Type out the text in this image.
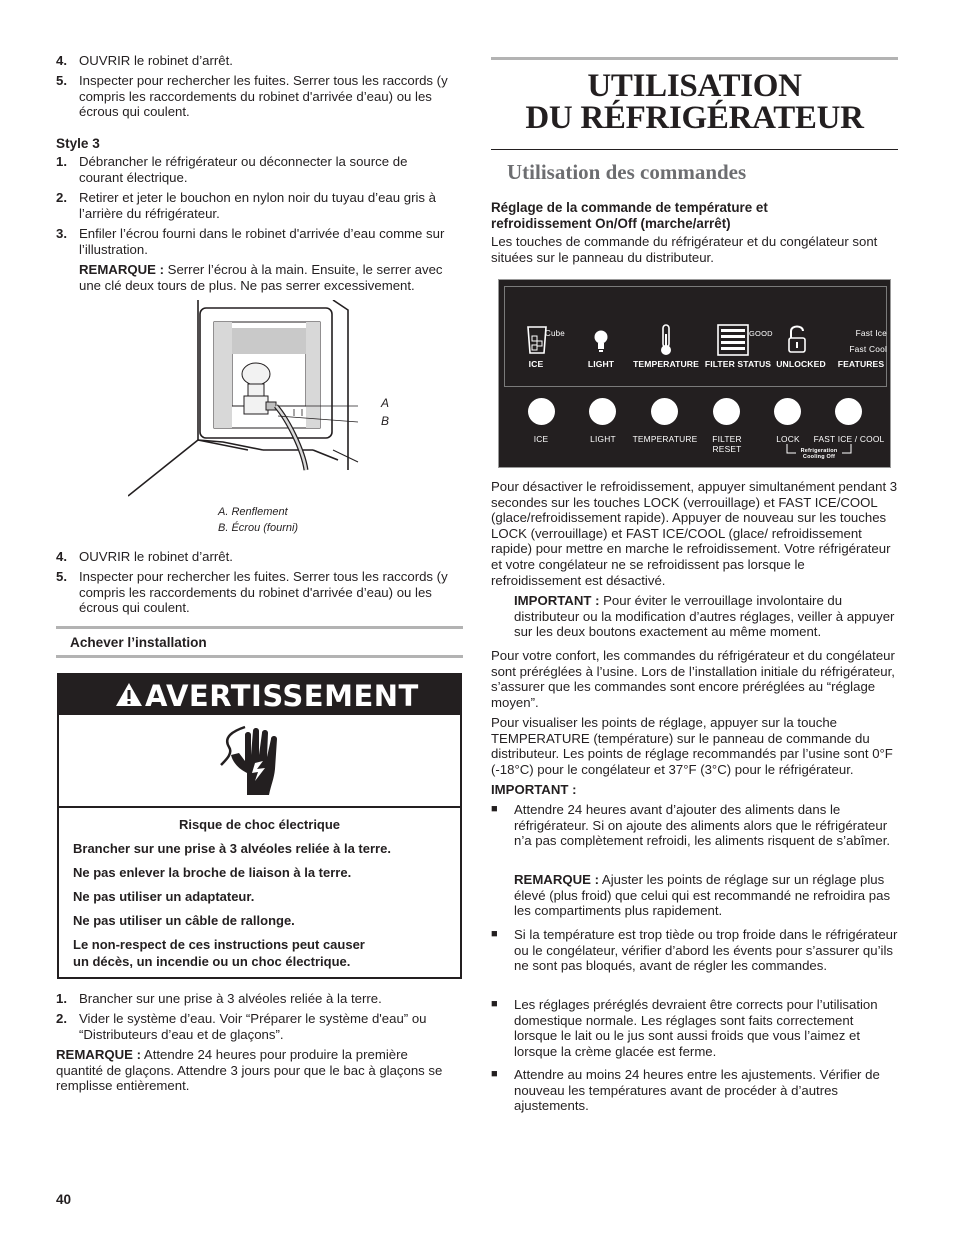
4. OUVRIR le robinet d’arrêt.
5. Inspecter pour rechercher les fuites. Serrer tous les raccords (y compris les raccordements du robinet d'arrivée d’eau) ou les écrous qui coulent.
Style 3
1. Débrancher le réfrigérateur ou déconnecter la source de courant électrique.
2. Retirer et jeter le bouchon en nylon noir du tuyau d’eau gris à l’arrière du réfrigérateur.
3. Enfiler l’écrou fourni dans le robinet d'arrivée d’eau comme sur l’illustration.

REMARQUE : Serrer l’écrou à la main. Ensuite, le serrer avec une clé deux tours de plus. Ne pas serrer excessivement.

A
B
A. Renflement
B. Écrou (fourni)
4. OUVRIR le robinet d’arrêt.
5. Inspecter pour rechercher les fuites. Serrer tous les raccords (y compris les raccordements du robinet d'arrivée d’eau) ou les écrous qui coulent.
Achever l’installation
AVERTISSEMENT
Risque de choc électrique
Brancher sur une prise à 3 alvéoles reliée à la terre.
Ne pas enlever la broche de liaison à la terre.
Ne pas utiliser un adaptateur.
Ne pas utiliser un câble de rallonge.
Le non-respect de ces instructions peut causer
un décès, un incendie ou un choc électrique.
1. Brancher sur une prise à 3 alvéoles reliée à la terre.
2. Vider le système d’eau. Voir “Préparer le système d'eau” ou “Distributeurs d’eau et de glaçons”.

REMARQUE : Attendre 24 heures pour produire la première quantité de glaçons. Attendre 3 jours pour que le bac à glaçons se remplisse entièrement.

40
UTILISATION
DU RÉFRIGÉRATEUR
Utilisation des commandes
Réglage de la commande de température et refroidissement On/Off (marche/arrêt)

Les touches de commande du réfrigérateur et du congélateur sont situées sur le panneau du distributeur.

Cube	GOOD	Fast Ice
Fast Cool
ICE	LIGHT	TEMPERATURE FILTER STATUS UNLOCKED	FEATURES
ICE	LIGHT	TEMPERATURE	FILTER
RESET
LOCK	FAST ICE / COOL
Refrigeration
Cooling Off

Pour désactiver le refroidissement, appuyer simultanément pendant 3 secondes sur les touches LOCK (verrouillage) et FAST ICE/COOL (glace/refroidissement rapide). Appuyer de nouveau sur les touches LOCK (verrouillage) et FAST ICE/COOL (glace/ refroidissement rapide) pour mettre en marche le refroidissement. Votre réfrigérateur et votre congélateur ne se refroidissent pas lorsque le refroidissement est désactivé.

IMPORTANT : Pour éviter le verrouillage involontaire du distributeur ou la modification d’autres réglages, veiller à appuyer sur les deux boutons exactement au même moment.

Pour votre confort, les commandes du réfrigérateur et du congélateur sont préréglées à l’usine. Lors de l’installation initiale du réfrigérateur, s’assurer que les commandes sont encore préréglées au “réglage moyen”.

Pour visualiser les points de réglage, appuyer sur la touche TEMPERATURE (température) sur le panneau de commande du distributeur. Les points de réglage recommandés par l’usine sont 0°F (-18°C) pour le congélateur et 37°F (3°C) pour le réfrigérateur.

IMPORTANT :
■ Attendre 24 heures avant d’ajouter des aliments dans le réfrigérateur. Si on ajoute des aliments alors que le réfrigérateur n’a pas complètement refroidi, les aliments risquent de s’abîmer.

REMARQUE : Ajuster les points de réglage sur un réglage plus élevé (plus froid) que celui qui est recommandé ne refroidira pas les compartiments plus rapidement.

■ Si la température est trop tiède ou trop froide dans le réfrigérateur ou le congélateur, vérifier d’abord les évents pour s’assurer qu’ils ne sont pas bloqués, avant de régler les commandes.
■ Les réglages préréglés devraient être corrects pour l’utilisation domestique normale. Les réglages sont faits correctement lorsque le lait ou le jus sont aussi froids que vous l’aimez et lorsque la crème glacée est ferme.
■ Attendre au moins 24 heures entre les ajustements. Vérifier de nouveau les températures avant de procéder à d’autres ajustements.
